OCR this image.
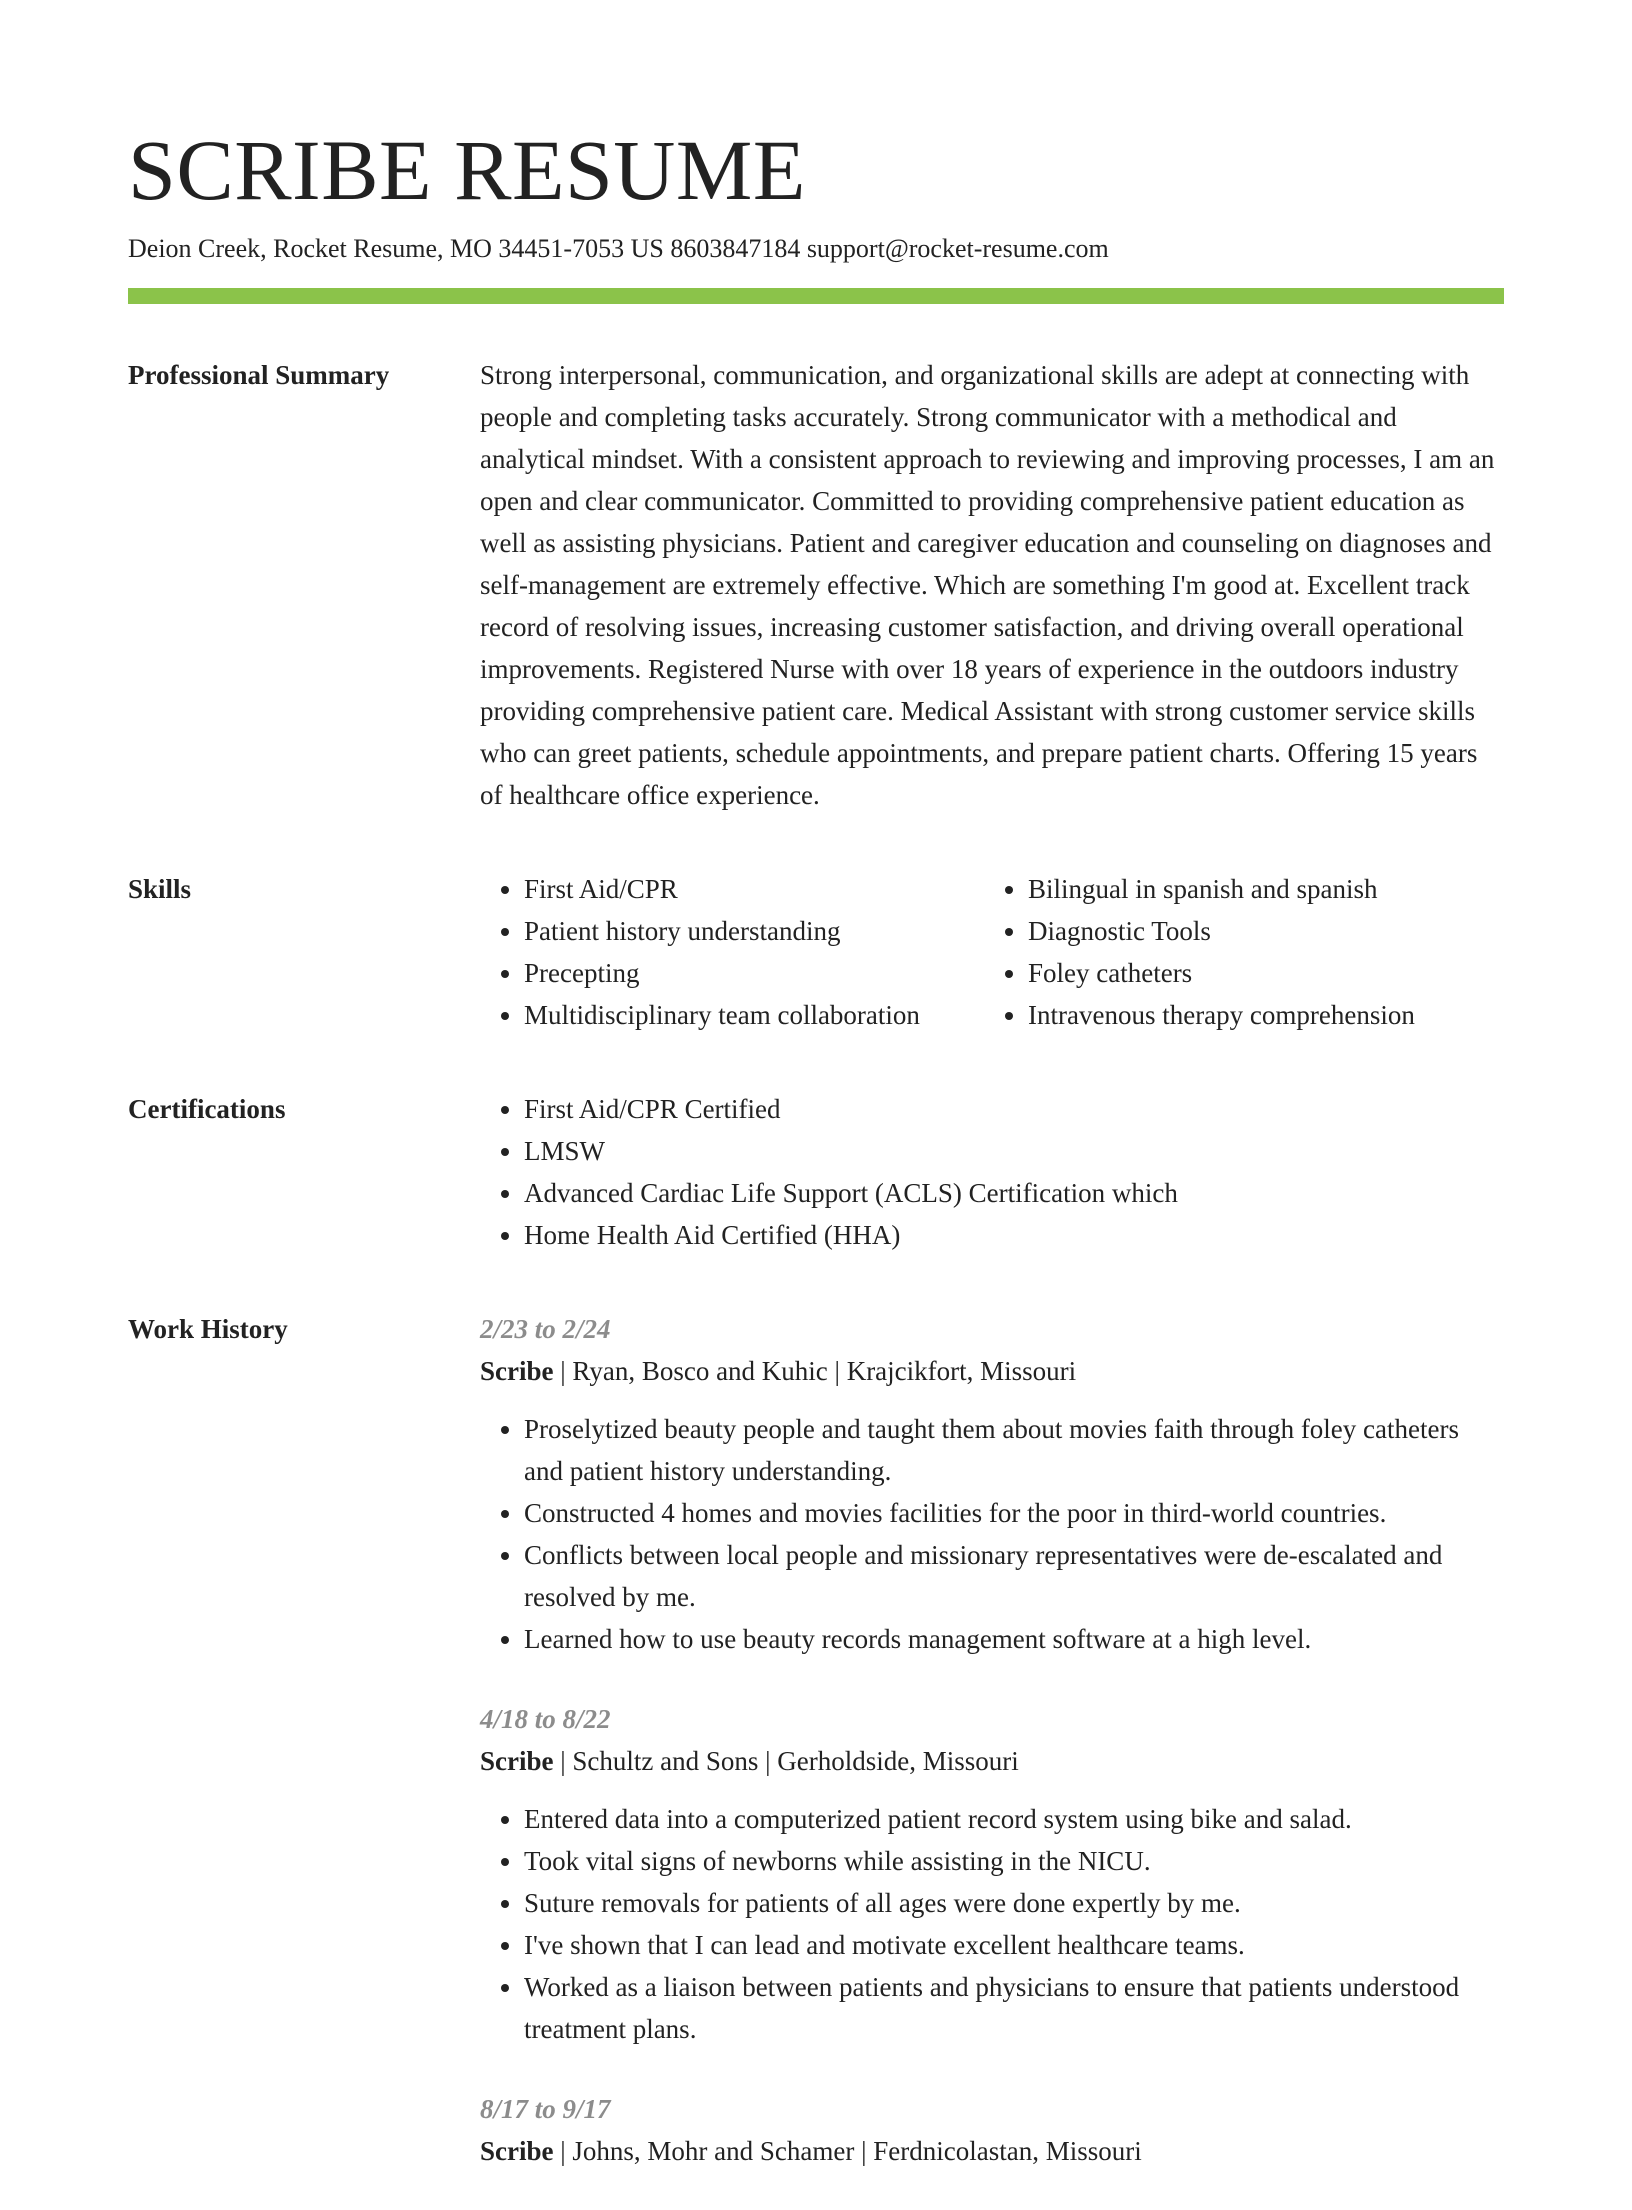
SCRIBE RESUME
Deion Creek, Rocket Resume, MO 34451-7053 US 8603847184 support@rocket-resume.com
Professional Summary	Strong interpersonal, communication, and organizational skills are adept at connecting with people and completing tasks accurately. Strong communicator with a methodical and analytical mindset. With a consistent approach to reviewing and improving processes, I am an open and clear communicator. Committed to providing comprehensive patient education as well as assisting physicians. Patient and caregiver education and counseling on diagnoses and self-management are extremely effective. Which are something I'm good at. Excellent track record of resolving issues, increasing customer satisfaction, and driving overall operational improvements. Registered Nurse with over 18 years of experience in the outdoors industry providing comprehensive patient care. Medical Assistant with strong customer service skills who can greet patients, schedule appointments, and prepare patient charts. Offering 15 years of healthcare office experience.

Skills	• First Aid/CPR
• Patient history understanding
• Precepting
• Multidisciplinary team collaboration
• Bilingual in spanish and spanish
• Diagnostic Tools
• Foley catheters
• Intravenous therapy comprehension
Certifications	• First Aid/CPR Certified
• LMSW
• Advanced Cardiac Life Support (ACLS) Certification which
• Home Health Aid Certified (HHA)
Work History	2/23 to 2/24
Scribe | Ryan, Bosco and Kuhic | Krajcikfort, Missouri
• Proselytized beauty people and taught them about movies faith through foley catheters and patient history understanding.
• Constructed 4 homes and movies facilities for the poor in third-world countries.
• Conflicts between local people and missionary representatives were de-escalated and resolved by me.
• Learned how to use beauty records management software at a high level.
4/18 to 8/22
Scribe | Schultz and Sons | Gerholdside, Missouri
• Entered data into a computerized patient record system using bike and salad.
• Took vital signs of newborns while assisting in the NICU.
• Suture removals for patients of all ages were done expertly by me.
• I've shown that I can lead and motivate excellent healthcare teams.
• Worked as a liaison between patients and physicians to ensure that patients understood treatment plans.
8/17 to 9/17
Scribe | Johns, Mohr and Schamer | Ferdnicolastan, Missouri
